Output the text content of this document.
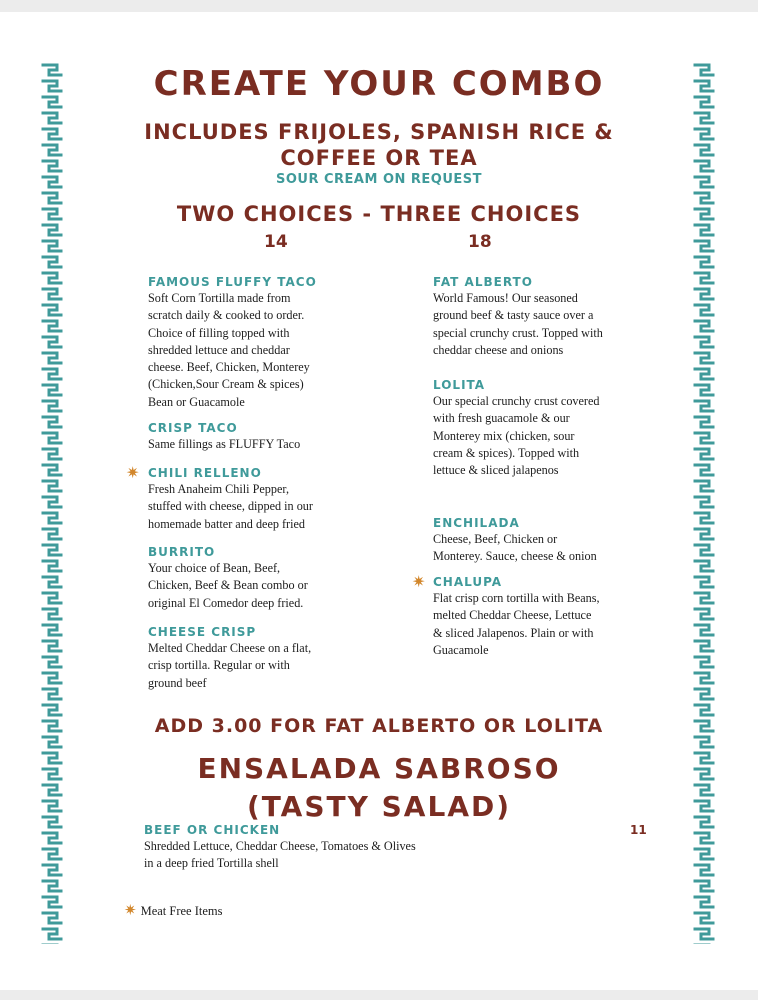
CREATE YOUR COMBO
INCLUDES FRIJOLES, SPANISH RICE &
COFFEE OR TEA
SOUR CREAM ON REQUEST
TWO CHOICES - THREE CHOICES
14	18
FAMOUS FLUFFY TACO
Soft Corn Tortilla made from
scratch daily & cooked to order.
Choice of filling topped with
shredded lettuce and cheddar
cheese. Beef, Chicken, Monterey
(Chicken,Sour Cream & spices)
Bean or Guacamole
CRISP TACO
Same fillings as FLUFFY Taco
✷ CHILI RELLENO
Fresh Anaheim Chili Pepper,
stuffed with cheese, dipped in our
homemade batter and deep fried
BURRITO
Your choice of Bean, Beef,
Chicken, Beef & Bean combo or
original El Comedor deep fried.
CHEESE CRISP
Melted Cheddar Cheese on a flat,
crisp tortilla. Regular or with
ground beef
FAT ALBERTO
World Famous! Our seasoned
ground beef & tasty sauce over a
special crunchy crust. Topped with
cheddar cheese and onions
LOLITA
Our special crunchy crust covered
with fresh guacamole & our
Monterey mix (chicken, sour
cream & spices). Topped with
lettuce & sliced jalapenos
ENCHILADA
Cheese, Beef, Chicken or
Monterey. Sauce, cheese & onion
✷ CHALUPA
Flat crisp corn tortilla with Beans,
melted Cheddar Cheese, Lettuce
& sliced Jalapenos. Plain or with
Guacamole
ADD 3.00 FOR FAT ALBERTO OR LOLITA
ENSALADA SABROSO
(TASTY SALAD)
BEEF OR CHICKEN
Shredded Lettuce, Cheddar Cheese, Tomatoes & Olives
in a deep fried Tortilla shell
11
✷ Meat Free Items
